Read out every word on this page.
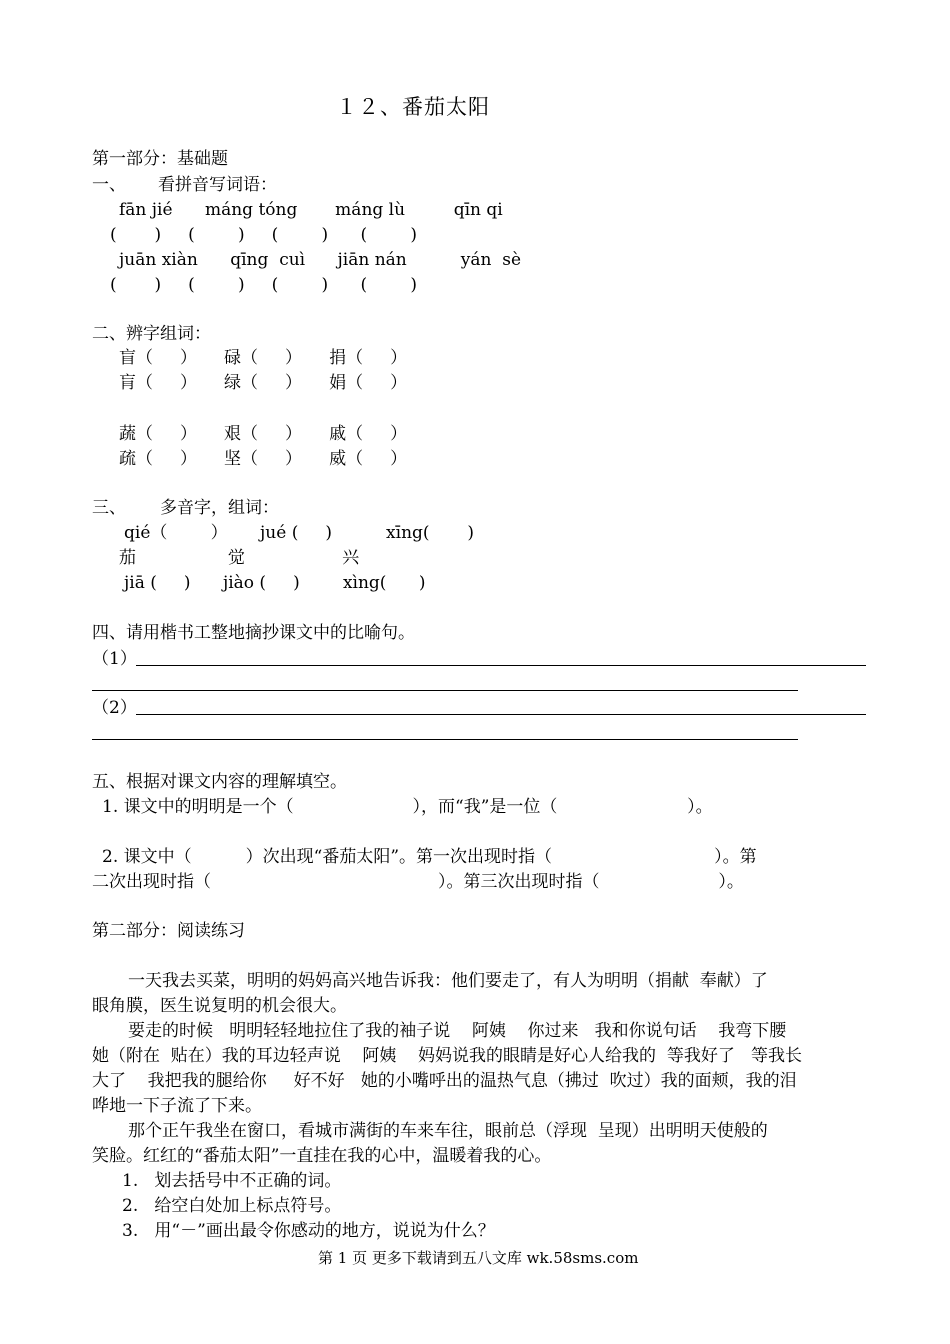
１２、番茄太阳
第一部分：基础题
一、 看拼音写词语：
fān jié      máng tóng       máng lù         qīn qi
(       )     (        )     (        )      (        )
juān xiàn      qīng  cuì      jiān nán          yán  sè
(       )     (        )     (        )      (        )
二、辨字组词：
盲（     ）     碌（     ）     捐（     ）
肓（     ）     绿（     ）     娟（     ）
蔬（     ）     艰（     ）     戚（     ）
疏（     ）     坚（     ）     威（     ）
三、 多音字，组词：
qié（        ）      jué (     )          xīng(       )
茄                 觉                  兴
jiā (     )      jiào (     )        xìng(      )
四、请用楷书工整地摘抄课文中的比喻句。
（1）
（2）
五、根据对课文内容的理解填空。
1. 课文中的明明是一个（                      ），而“我”是一位（                        ）。
2. 课文中（          ）次出现“番茄太阳”。第一次出现时指（                              ）。第
二次出现时指（                                          ）。第三次出现时指（                      ）。
第二部分：阅读练习
一天我去买菜，明明的妈妈高兴地告诉我：他们要走了，有人为明明（捐献  奉献）了
眼角膜，医生说复明的机会很大。
要走的时候   明明轻轻地拉住了我的袖子说    阿姨    你过来   我和你说句话    我弯下腰
她（附在  贴在）我的耳边轻声说    阿姨    妈妈说我的眼睛是好心人给我的  等我好了   等我长
大了    我把我的腿给你     好不好   她的小嘴呼出的温热气息（拂过  吹过）我的面颊，我的泪
哗地一下子流了下来。
那个正午我坐在窗口，看城市满街的车来车往，眼前总（浮现  呈现）出明明天使般的
笑脸。红红的“番茄太阳”一直挂在我的心中，温暖着我的心。
1.   划去括号中不正确的词。
2.   给空白处加上标点符号。
3.   用“－”画出最令你感动的地方，说说为什么？
第 1 页 更多下载请到五八文库 wk.58sms.com
